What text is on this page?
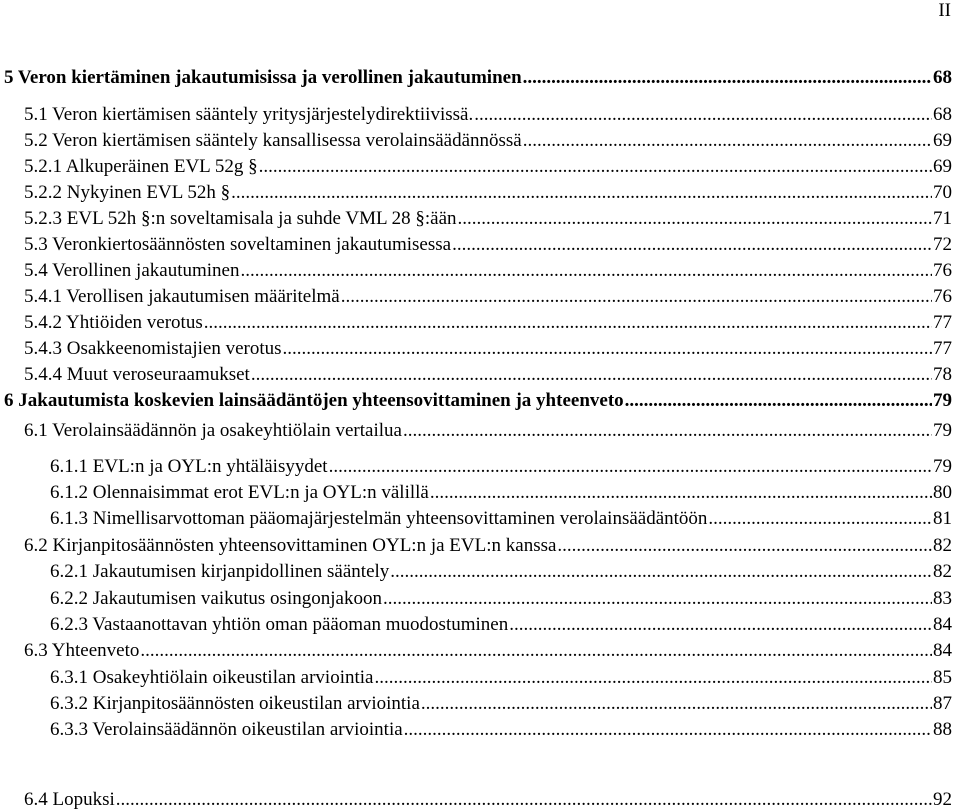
II
5 Veron kiertäminen jakautumisissa ja verollinen jakautuminen .....	68
5.1 Veron kiertämisen sääntely yritysjärjestelydirektiivissä. .....	68
5.2 Veron kiertämisen sääntely kansallisessa verolainsäädännössä .....	69
5.2.1 Alkuperäinen EVL 52g § .....	69
5.2.2 Nykyinen EVL 52h § .....	70
5.2.3 EVL 52h §:n soveltamisala ja suhde VML 28 §:ään .....	71
5.3 Veronkiertosäännösten soveltaminen jakautumisessa .....	72
5.4 Verollinen jakautuminen .....	76
5.4.1 Verollisen jakautumisen määritelmä .....	76
5.4.2 Yhtiöiden verotus .....	77
5.4.3 Osakkeenomistajien verotus .....	77
5.4.4 Muut veroseuraamukset .....	78
6 Jakautumista koskevien lainsäädäntöjen yhteensovittaminen ja yhteenveto .....	79
6.1 Verolainsäädännön ja osakeyhtiölain vertailua .....	79
6.1.1 EVL:n ja OYL:n yhtäläisyydet .....	79
6.1.2 Olennaisimmat erot EVL:n ja OYL:n välillä .....	80
6.1.3 Nimellisarvottoman pääomajärjestelmän yhteensovittaminen verolainsäädäntöön .....	81
6.2 Kirjanpitosäännösten yhteensovittaminen OYL:n ja EVL:n kanssa .....	82
6.2.1 Jakautumisen kirjanpidollinen sääntely .....	82
6.2.2 Jakautumisen vaikutus osingonjakoon .....	83
6.2.3 Vastaanottavan yhtiön oman pääoman muodostuminen .....	84
6.3 Yhteenveto .....	84
6.3.1 Osakeyhtiölain oikeustilan arviointia .....	85
6.3.2 Kirjanpitosäännösten oikeustilan arviointia .....	87
6.3.3 Verolainsäädännön oikeustilan arviointia .....	88
6.4 Lopuksi .....	92
